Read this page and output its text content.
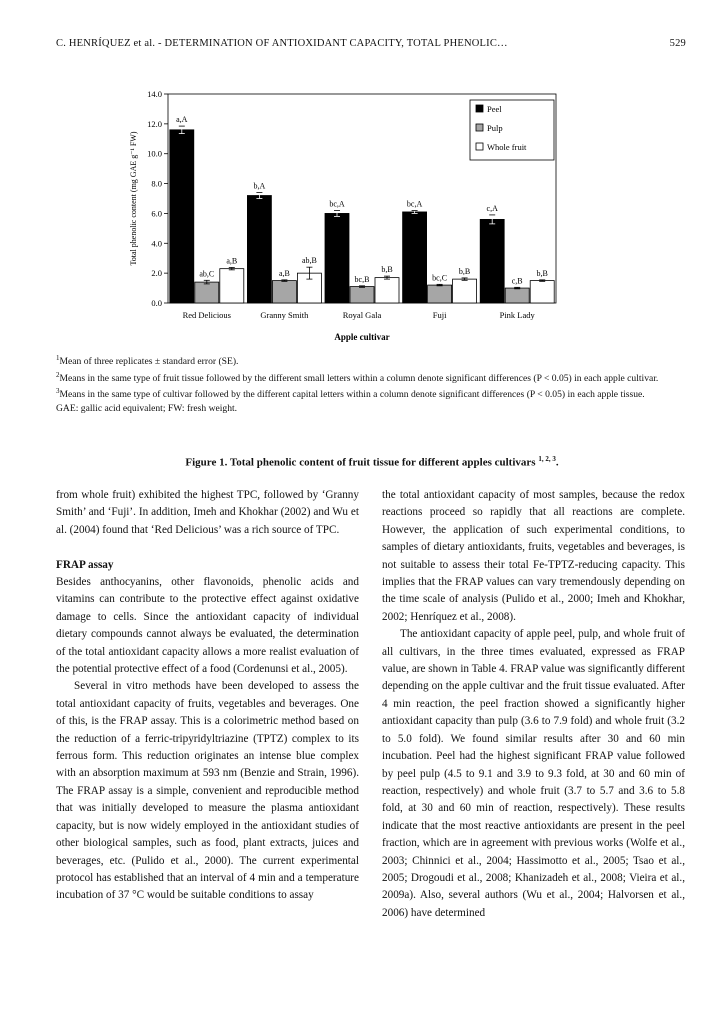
C. HENRÍQUEZ et al. - DETERMINATION OF ANTIOXIDANT CAPACITY, TOTAL PHENOLIC…	529
0.0
2.0
4.0
6.0
8.0
10.0
12.0
14.0
a,A
ab,C
a,B
Red Delicious
b,A
a,B
ab,B
Granny Smith
bc,A
bc,B
b,B
Royal Gala
bc,A
bc,C
b,B
Fuji
c,A
c,B
b,B
Pink Lady
Apple cultivar
Total phenolic content (mg GAE g⁻¹ FW)
Peel
Pulp
Whole fruit

$^1$Mean of three replicates ± standard error (SE).

$^2$Means in the same type of fruit tissue followed by the different small letters within a column denote significant differences (P < 0.05) in each apple cultivar.

$^3$Means in the same type of cultivar followed by the different capital letters within a column denote significant differences (P < 0.05) in each apple tissue.

GAE: gallic acid equivalent; FW: fresh weight.

Figure 1. Total phenolic content of fruit tissue for different apples cultivars $^{1, 2, 3}$.

from whole fruit) exhibited the highest TPC, followed by ‘Granny Smith’ and ‘Fuji’. In addition, Imeh and Khokhar (2002) and Wu et al. (2004) found that ‘Red Delicious’ was a rich source of TPC.

FRAP assay

Besides anthocyanins, other flavonoids, phenolic acids and vitamins can contribute to the protective effect against oxidative damage to cells. Since the antioxidant capacity of individual dietary compounds cannot always be evaluated, the determination of the total antioxidant capacity allows a more realist evaluation of the potential protective effect of a food (Cordenunsi et al., 2005).

Several in vitro methods have been developed to assess the total antioxidant capacity of fruits, vegetables and beverages. One of this, is the FRAP assay. This is a colorimetric method based on the reduction of a ferric-tripyridyltriazine (TPTZ) complex to its ferrous form. This reduction originates an intense blue complex with an absorption maximum at 593 nm (Benzie and Strain, 1996). The FRAP assay is a simple, convenient and reproducible method that was initially developed to measure the plasma antioxidant capacity, but is now widely employed in the antioxidant studies of other biological samples, such as food, plant extracts, juices and beverages, etc. (Pulido et al., 2000). The current experimental protocol has established that an interval of 4 min and a temperature incubation of 37 °C would be suitable conditions to assay

the total antioxidant capacity of most samples, because the redox reactions proceed so rapidly that all reactions are complete. However, the application of such experimental conditions, to samples of dietary antioxidants, fruits, vegetables and beverages, is not suitable to assess their total Fe-TPTZ-reducing capacity. This implies that the FRAP values can vary tremendously depending on the time scale of analysis (Pulido et al., 2000; Imeh and Khokhar, 2002; Henríquez et al., 2008).

The antioxidant capacity of apple peel, pulp, and whole fruit of all cultivars, in the three times evaluated, expressed as FRAP value, are shown in Table 4. FRAP value was significantly different depending on the apple cultivar and the fruit tissue evaluated. After 4 min reaction, the peel fraction showed a significantly higher antioxidant capacity than pulp (3.6 to 7.9 fold) and whole fruit (3.2 to 5.0 fold). We found similar results after 30 and 60 min incubation. Peel had the highest significant FRAP value followed by peel pulp (4.5 to 9.1 and 3.9 to 9.3 fold, at 30 and 60 min of reaction, respectively) and whole fruit (3.7 to 5.7 and 3.6 to 5.8 fold, at 30 and 60 min of reaction, respectively). These results indicate that the most reactive antioxidants are present in the peel fraction, which are in agreement with previous works (Wolfe et al., 2003; Chinnici et al., 2004; Hassimotto et al., 2005; Tsao et al., 2005; Drogoudi et al., 2008; Khanizadeh et al., 2008; Vieira et al., 2009a). Also, several authors (Wu et al., 2004; Halvorsen et al., 2006) have determined
